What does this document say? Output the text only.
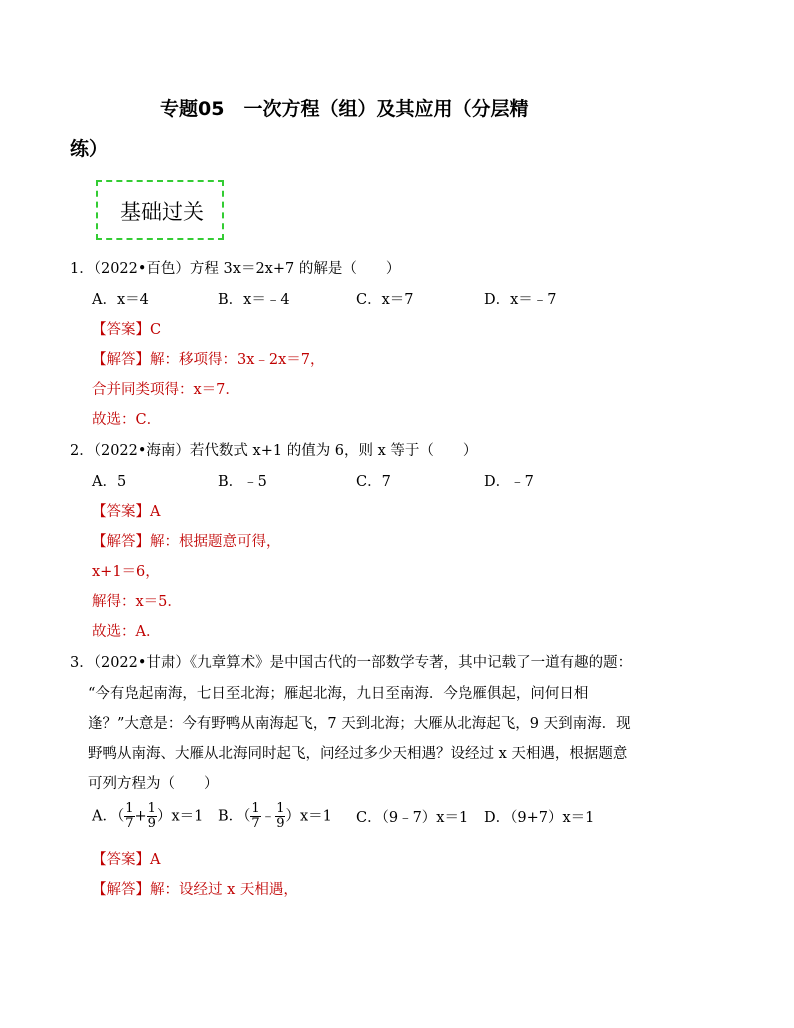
专题05　一次方程（组）及其应用（分层精
练）
基础过关
1．（2022•百色）方程 3x＝2x+7 的解是（　　）
A．x＝4	B．x＝﹣4	C．x＝7	D．x＝﹣7
【答案】C
【解答】解：移项得：3x﹣2x＝7，
合并同类项得：x＝7．
故选：C．
2．（2022•海南）若代数式 x+1 的值为 6，则 x 等于（　　）
A．5	B．﹣5	C．7	D．﹣7
【答案】A
【解答】解：根据题意可得，
x+1＝6，
解得：x＝5．
故选：A．
3．（2022•甘肃）《九章算术》是中国古代的一部数学专著，其中记载了一道有趣的题：
“今有凫起南海，七日至北海；雁起北海，九日至南海．今凫雁俱起，问何日相
逢？”大意是：今有野鸭从南海起飞，7 天到北海；大雁从北海起飞，9 天到南海．现
野鸭从南海、大雁从北海同时起飞，问经过多少天相遇？设经过 x 天相遇，根据题意
可列方程为（　　）
A．（ $\frac{1}{7} + \frac{1}{9} )x=1$ B．（ $\frac{1}{7}$ ﹣ $\frac{1}{9} )x=1$ C．（9﹣7）x＝1 D．（9+7）x＝1
【答案】A
【解答】解：设经过 x 天相遇，
